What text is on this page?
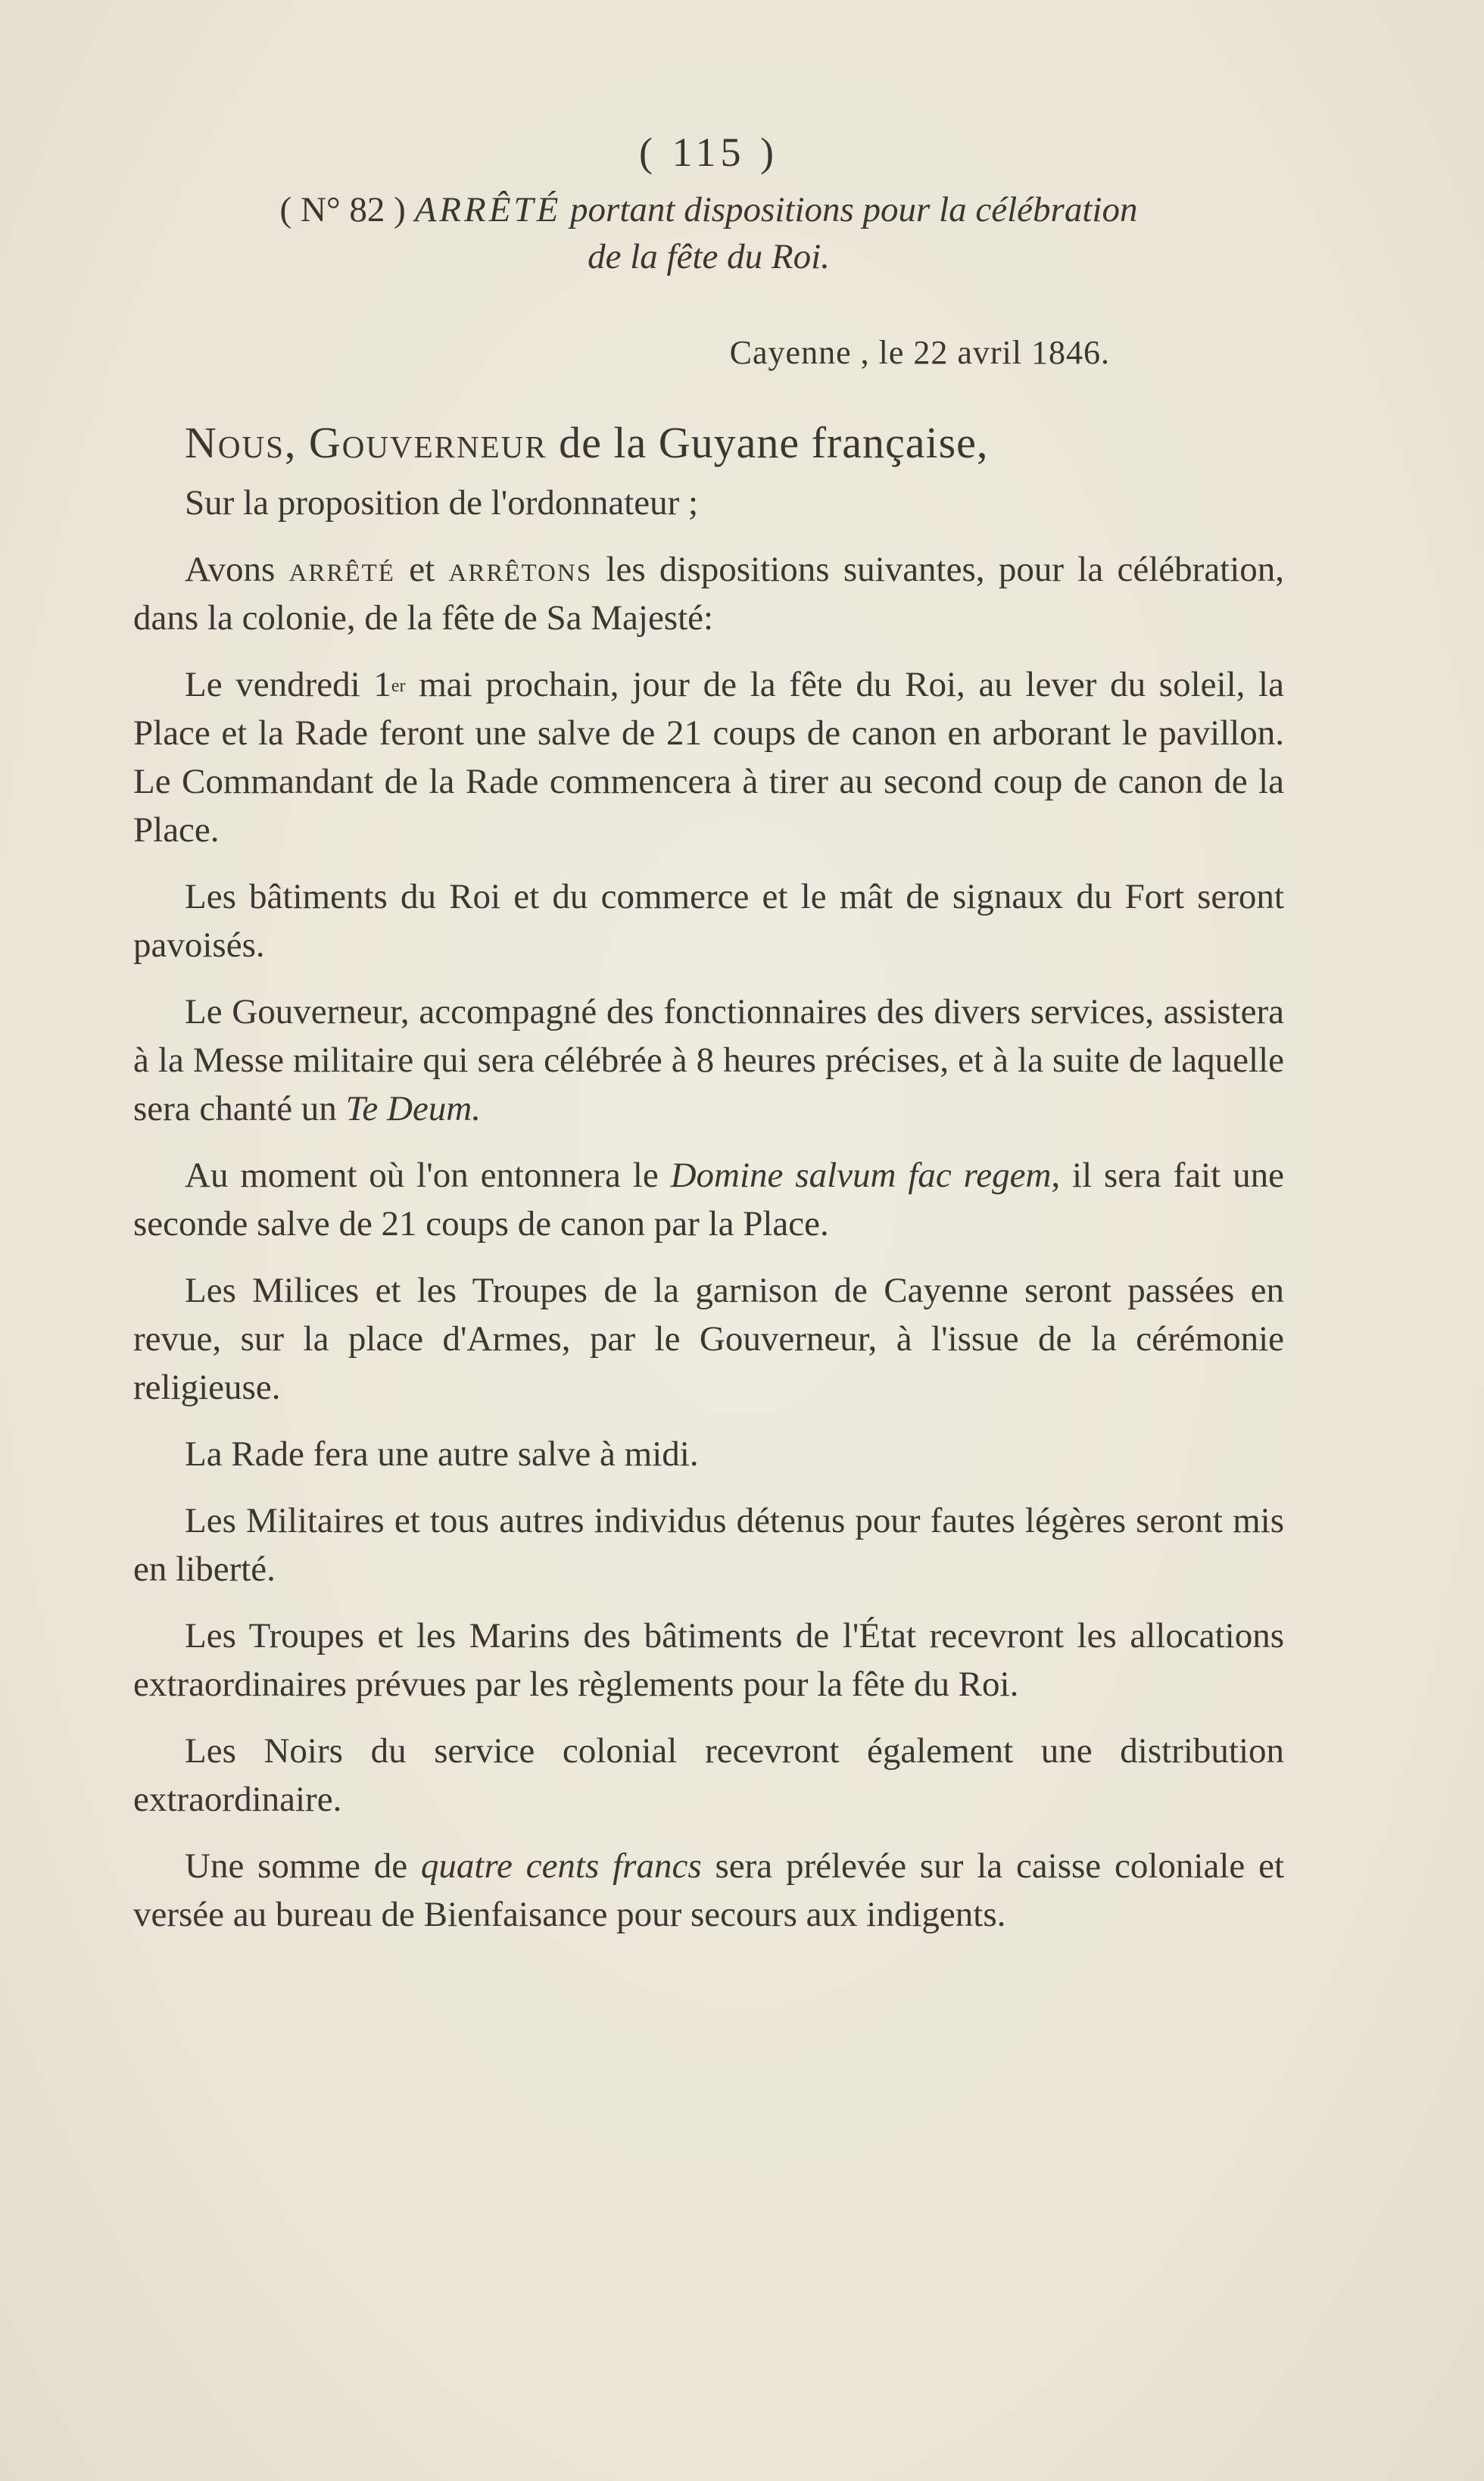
( 115 )
( N° 82 ) ARRÊTÉ portant dispositions pour la célébration
de la fête du Roi.
Cayenne , le 22 avril 1846.
Nous, Gouverneur de la Guyane française,

Sur la proposition de l'ordonnateur ;

Avons arrêté et arrêtons les dispositions suivantes, pour la célébration, dans la colonie, de la fête de Sa Majesté:

Le vendredi 1er mai prochain, jour de la fête du Roi, au lever du soleil, la Place et la Rade feront une salve de 21 coups de canon en arborant le pavillon. Le Commandant de la Rade commencera à tirer au second coup de canon de la Place.

Les bâtiments du Roi et du commerce et le mât de signaux du Fort seront pavoisés.

Le Gouverneur, accompagné des fonctionnaires des divers services, assistera à la Messe militaire qui sera célébrée à 8 heures précises, et à la suite de laquelle sera chanté un Te Deum.

Au moment où l'on entonnera le Domine salvum fac regem, il sera fait une seconde salve de 21 coups de canon par la Place.

Les Milices et les Troupes de la garnison de Cayenne seront passées en revue, sur la place d'Armes, par le Gouverneur, à l'issue de la cérémonie religieuse.

La Rade fera une autre salve à midi.

Les Militaires et tous autres individus détenus pour fautes légères seront mis en liberté.

Les Troupes et les Marins des bâtiments de l'État recevront les allocations extraordinaires prévues par les règlements pour la fête du Roi.

Les Noirs du service colonial recevront également une distribution extraordinaire.

Une somme de quatre cents francs sera prélevée sur la caisse coloniale et versée au bureau de Bienfaisance pour secours aux indigents.
